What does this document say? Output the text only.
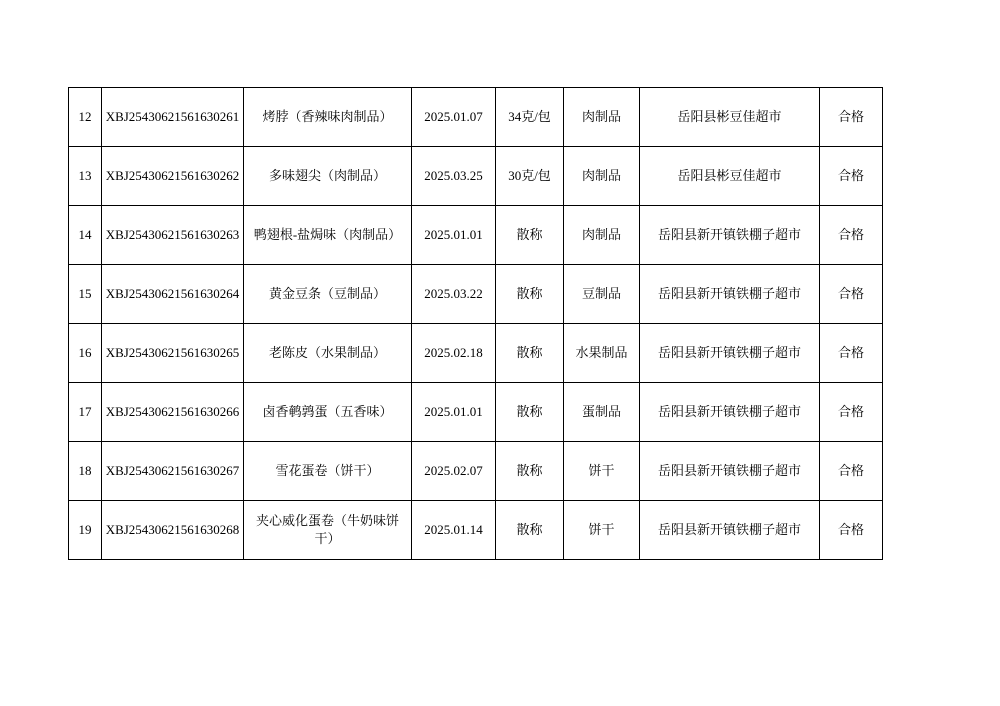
12	XBJ25430621561630261	烤脖（香辣味肉制品）	2025.01.07	34克/包	肉制品	岳阳县彬豆佳超市	合格
13	XBJ25430621561630262	多味翅尖（肉制品）	2025.03.25	30克/包	肉制品	岳阳县彬豆佳超市	合格
14	XBJ25430621561630263	鸭翅根-盐焗味（肉制品）	2025.01.01	散称	肉制品	岳阳县新开镇铁棚子超市	合格
15	XBJ25430621561630264	黄金豆条（豆制品）	2025.03.22	散称	豆制品	岳阳县新开镇铁棚子超市	合格
16	XBJ25430621561630265	老陈皮（水果制品）	2025.02.18	散称	水果制品	岳阳县新开镇铁棚子超市	合格
17	XBJ25430621561630266	卤香鹌鹑蛋（五香味）	2025.01.01	散称	蛋制品	岳阳县新开镇铁棚子超市	合格
18	XBJ25430621561630267	雪花蛋卷（饼干）	2025.02.07	散称	饼干	岳阳县新开镇铁棚子超市	合格
19	XBJ25430621561630268	夹心威化蛋卷（牛奶味饼干）	2025.01.14	散称	饼干	岳阳县新开镇铁棚子超市	合格
